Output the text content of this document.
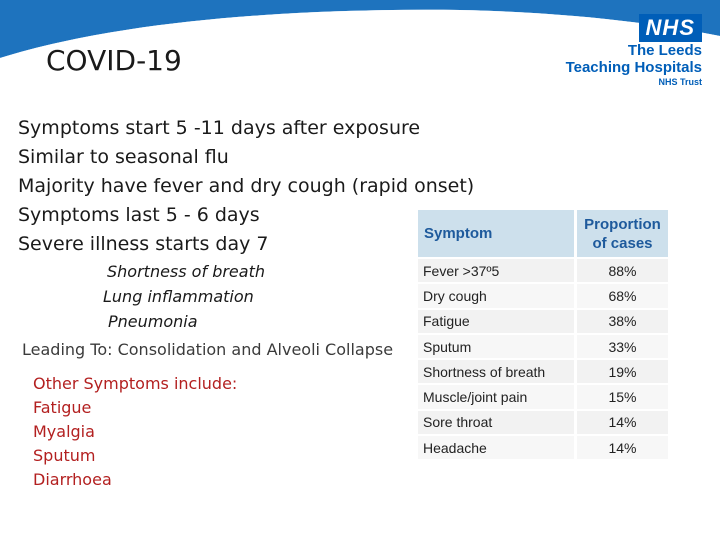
COVID-19
NHS
The Leeds
Teaching Hospitals
NHS Trust
Symptoms start 5 -11 days after exposure
Similar to seasonal flu
Majority have fever and dry cough (rapid onset)
Symptoms last 5 - 6 days
Severe illness starts day 7
Shortness of breath
Lung inflammation
Pneumonia
Leading To: Consolidation and Alveoli Collapse
Other Symptoms include:
Fatigue
Myalgia
Sputum
Diarrhoea
Symptom	Proportion
of cases

Fever >37º5	88%
Dry cough	68%
Fatigue	38%
Sputum	33%
Shortness of breath	19%
Muscle/joint pain	15%
Sore throat	14%
Headache	14%
